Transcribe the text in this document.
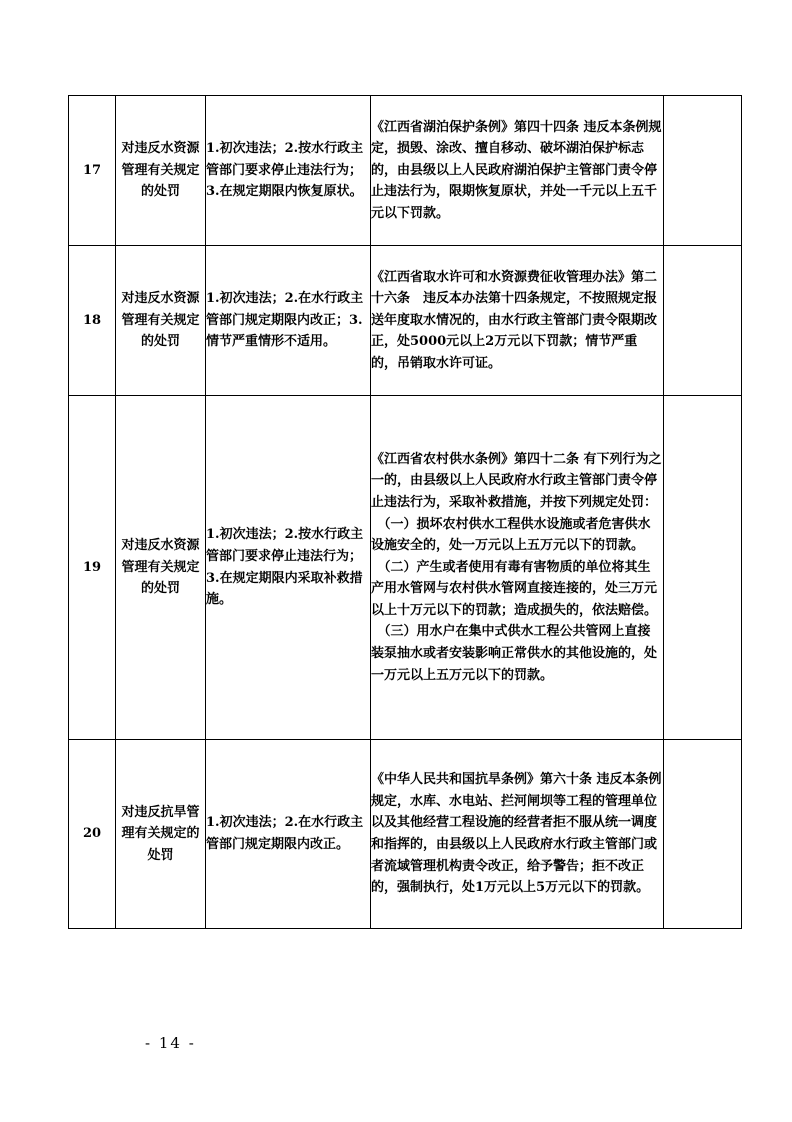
17	对违反水资源管理有关规定的处罚	1.初次违法；2.按水行政主管部门要求停止违法行为；3.在规定期限内恢复原状。	《江西省湖泊保护条例》第四十四条 违反本条例规定，损毁、涂改、擅自移动、破坏湖泊保护标志的，由县级以上人民政府湖泊保护主管部门责令停止违法行为，限期恢复原状，并处一千元以上五千元以下罚款。	

18	对违反水资源管理有关规定的处罚	1.初次违法；2.在水行政主管部门规定期限内改正；3.情节严重情形不适用。	《江西省取水许可和水资源费征收管理办法》第二十六条　违反本办法第十四条规定，不按照规定报送年度取水情况的，由水行政主管部门责令限期改正，处5000元以上2万元以下罚款；情节严重的，吊销取水许可证。	

19	对违反水资源管理有关规定的处罚	1.初次违法；2.按水行政主管部门要求停止违法行为；3.在规定期限内采取补救措施。	《江西省农村供水条例》第四十二条 有下列行为之一的，由县级以上人民政府水行政主管部门责令停止违法行为，采取补救措施，并按下列规定处罚：

（一）损坏农村供水工程供水设施或者危害供水设施安全的，处一万元以上五万元以下的罚款。

（二）产生或者使用有毒有害物质的单位将其生产用水管网与农村供水管网直接连接的，处三万元以上十万元以下的罚款；造成损失的，依法赔偿。

（三）用水户在集中式供水工程公共管网上直接装泵抽水或者安装影响正常供水的其他设施的，处一万元以上五万元以下的罚款。	

20	对违反抗旱管理有关规定的处罚	1.初次违法；2.在水行政主管部门规定期限内改正。	《中华人民共和国抗旱条例》第六十条 违反本条例规定，水库、水电站、拦河闸坝等工程的管理单位以及其他经营工程设施的经营者拒不服从统一调度和指挥的，由县级以上人民政府水行政主管部门或者流域管理机构责令改正，给予警告；拒不改正的，强制执行，处1万元以上5万元以下的罚款。	

- 14 -
